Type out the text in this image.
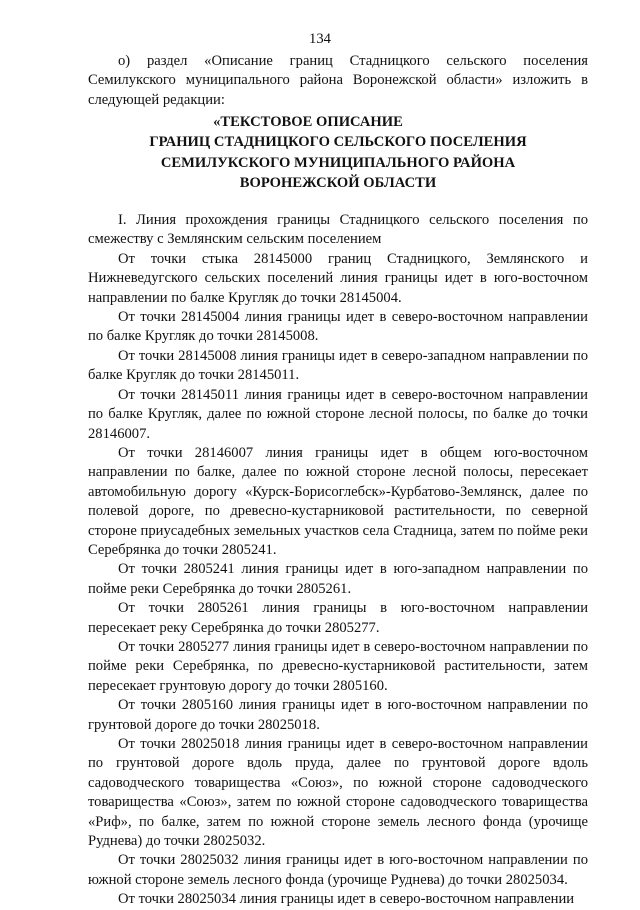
134

о) раздел «Описание границ Стадницкого сельского поселения Семилукского муниципального района Воронежской области» изложить в следующей редакции:

«ТЕКСТОВОЕ ОПИСАНИЕ
ГРАНИЦ СТАДНИЦКОГО СЕЛЬСКОГО ПОСЕЛЕНИЯ
СЕМИЛУКСКОГО МУНИЦИПАЛЬНОГО РАЙОНА
ВОРОНЕЖСКОЙ ОБЛАСТИ

I. Линия прохождения границы Стадницкого сельского поселения по смежеству с Землянским сельским поселением

От точки стыка 28145000 границ Стадницкого, Землянского и Нижневедугского сельских поселений линия границы идет в юго-восточном направлении по балке Кругляк до точки 28145004.

От точки 28145004 линия границы идет в северо-восточном направлении по балке Кругляк до точки 28145008.

От точки 28145008 линия границы идет в северо-западном направлении по балке Кругляк до точки 28145011.

От точки 28145011 линия границы идет в северо-восточном направлении по балке Кругляк, далее по южной стороне лесной полосы, по балке до точки 28146007.

От точки 28146007 линия границы идет в общем юго-восточном направлении по балке, далее по южной стороне лесной полосы, пересекает автомобильную дорогу «Курск-Борисоглебск»-Курбатово-Землянск, далее по полевой дороге, по древесно-кустарниковой растительности, по северной стороне приусадебных земельных участков села Стадница, затем по пойме реки Серебрянка до точки 2805241.

От точки 2805241 линия границы идет в юго-западном направлении по пойме реки Серебрянка до точки 2805261.

От точки 2805261 линия границы в юго-восточном направлении пересекает реку Серебрянка до точки 2805277.

От точки 2805277 линия границы идет в северо-восточном направлении по пойме реки Серебрянка, по древесно-кустарниковой растительности, затем пересекает грунтовую дорогу до точки 2805160.

От точки 2805160 линия границы идет в юго-восточном направлении по грунтовой дороге до точки 28025018.

От точки 28025018 линия границы идет в северо-восточном направлении по грунтовой дороге вдоль пруда, далее по грунтовой дороге вдоль садоводческого товарищества «Союз», по южной стороне садоводческого товарищества «Союз», затем по южной стороне садоводческого товарищества «Риф», по балке, затем по южной стороне земель лесного фонда (урочище Руднева) до точки 28025032.

От точки 28025032 линия границы идет в юго-восточном направлении по южной стороне земель лесного фонда (урочище Руднева) до точки 28025034.

От точки 28025034 линия границы идет в северо-восточном направлении
